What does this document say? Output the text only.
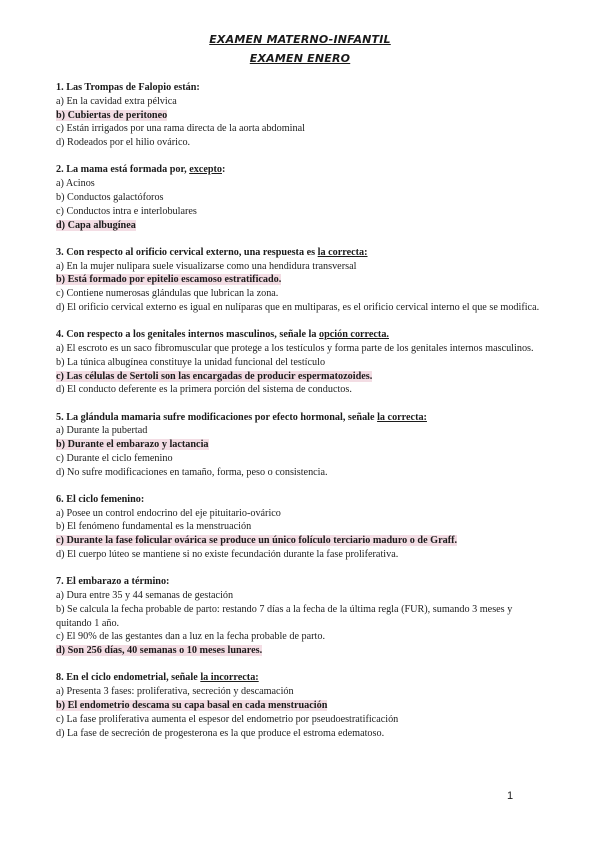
EXAMEN MATERNO-INFANTIL
EXAMEN ENERO
1. Las Trompas de Falopio están:
a) En la cavidad extra pélvica
b) Cubiertas de peritoneo
c) Están irrigados por una rama directa de la aorta abdominal
d) Rodeados por el hilio ovárico.
2. La mama está formada por, excepto:
a) Acinos
b) Conductos galactóforos
c) Conductos intra e interlobulares
d) Capa albugínea
3. Con respecto al orificio cervical externo, una respuesta es la correcta:
a) En la mujer nulipara suele visualizarse como una hendidura transversal
b) Está formado por epitelio escamoso estratificado.
c) Contiene numerosas glándulas que lubrican la zona.
d) El orificio cervical externo es igual en nulíparas que en multiparas, es el orificio cervical interno el que se modifica.
4. Con respecto a los genitales internos masculinos, señale la opción correcta.
a) El escroto es un saco fibromuscular que protege a los testículos y forma parte de los genitales internos masculinos.
b) La túnica albugínea constituye la unidad funcional del testículo
c) Las células de Sertoli son las encargadas de producir espermatozoides.
d) El conducto deferente es la primera porción del sistema de conductos.
5. La glándula mamaria sufre modificaciones por efecto hormonal, señale la correcta:
a) Durante la pubertad
b) Durante el embarazo y lactancia
c) Durante el ciclo femenino
d) No sufre modificaciones en tamaño, forma, peso o consistencia.
6. El ciclo femenino:
a) Posee un control endocrino del eje pituitario-ovárico
b) El fenómeno fundamental es la menstruación
c) Durante la fase folicular ovárica se produce un único folículo terciario maduro o de Graff.
d) El cuerpo lúteo se mantiene si no existe fecundación durante la fase proliferativa.
7. El embarazo a término:
a) Dura entre 35 y 44 semanas de gestación
b) Se calcula la fecha probable de parto: restando 7 días a la fecha de la última regla (FUR), sumando 3 meses y quitando 1 año.
c) El 90% de las gestantes dan a luz en la fecha probable de parto.
d) Son 256 días, 40 semanas o 10 meses lunares.
8. En el ciclo endometrial, señale la incorrecta:
a) Presenta 3 fases: proliferativa, secreción y descamación
b) El endometrio descama su capa basal en cada menstruación
c) La fase proliferativa aumenta el espesor del endometrio por pseudoestratificación
d) La fase de secreción de progesterona es la que produce el estroma edematoso.
1
